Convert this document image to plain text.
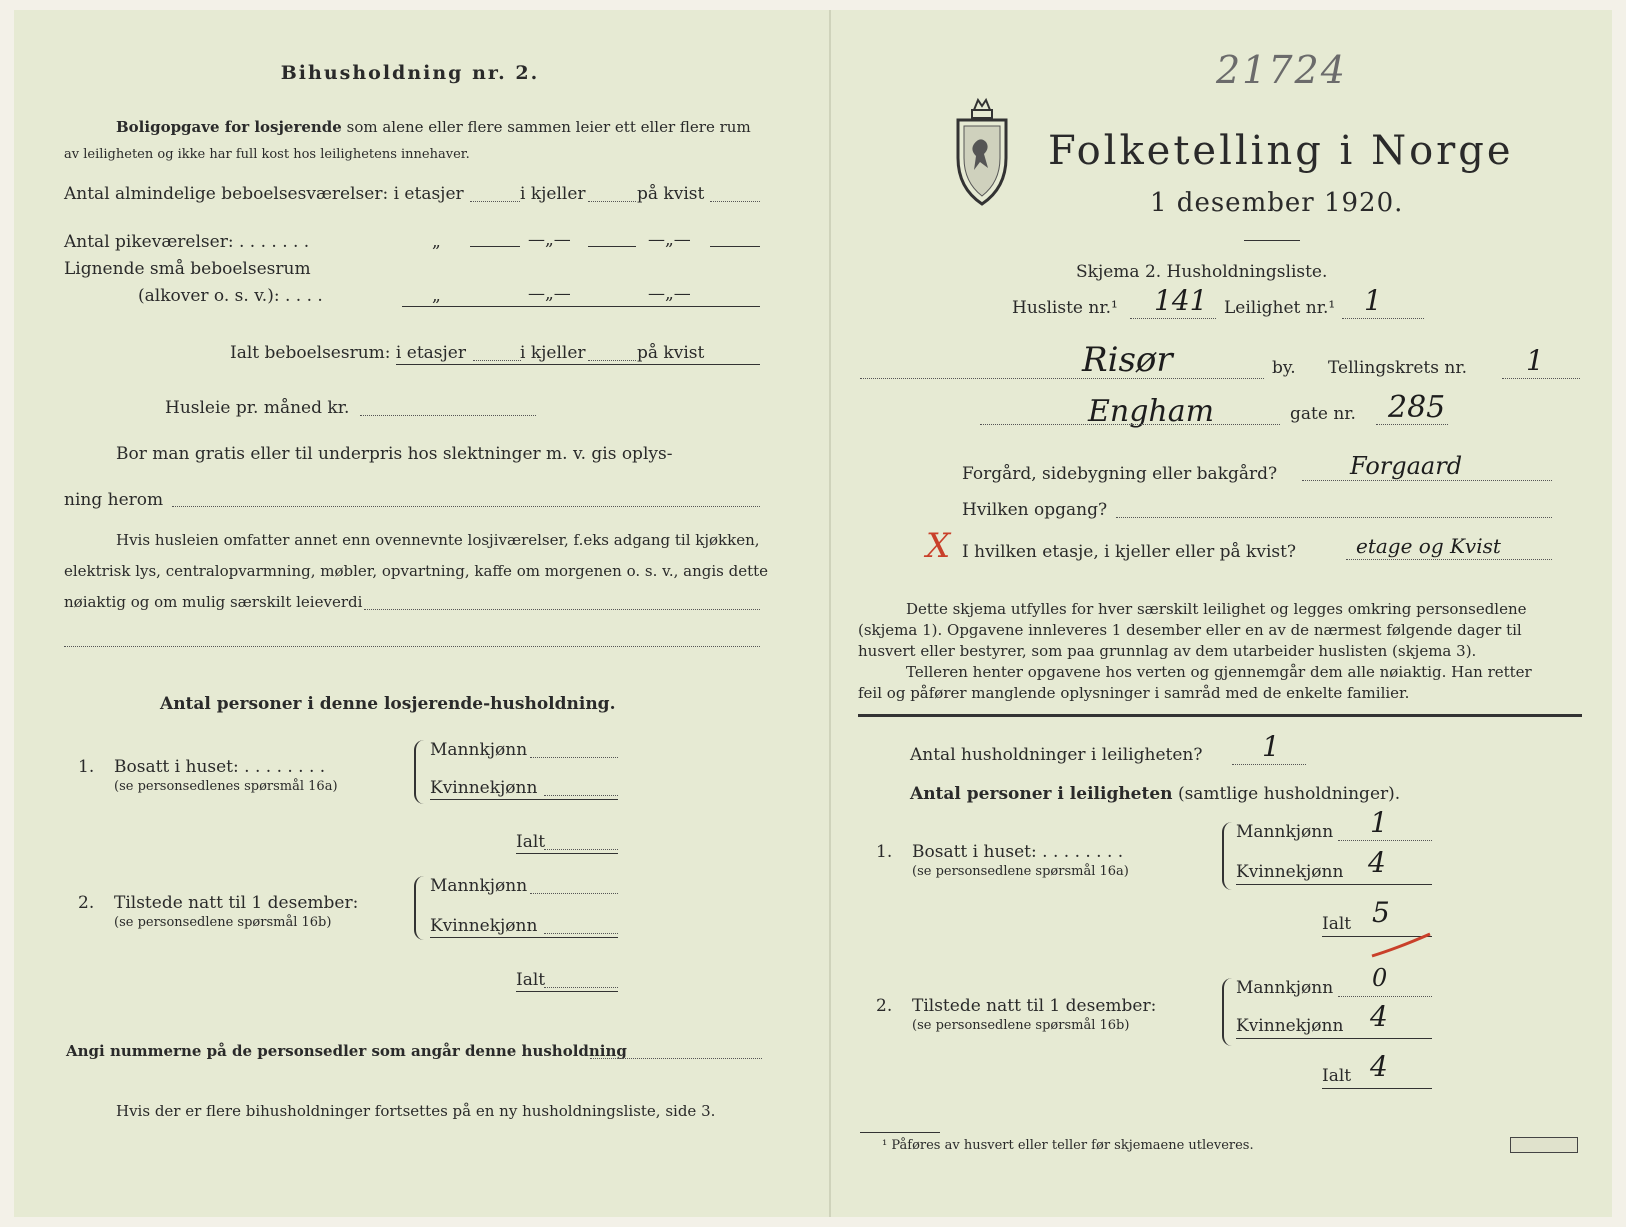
Bihusholdning nr. 2.
Boligopgave for losjerende som alene eller flere sammen leier ett eller flere rum
av leiligheten og ikke har full kost hos leilighetens innehaver.
Antal almindelige beboelsesværelser: i etasjer	i kjeller	på kvist
Antal pikeværelser: . . . . . . .	„	—„—	—„—
Lignende små beboelsesrum
(alkover o. s. v.): . . . .	„	—„—	—„—
Ialt beboelsesrum: i etasjer	i kjeller	på kvist
Husleie pr. måned kr.
Bor man gratis eller til underpris hos slektninger m. v. gis oplys-
ning herom
Hvis husleien omfatter annet enn ovennevnte losjiværelser, f.eks adgang til kjøkken,
elektrisk lys, centralopvarmning, møbler, opvartning, kaffe om morgenen o. s. v., angis dette
nøiaktig og om mulig særskilt leieverdi
Antal personer i denne losjerende-husholdning.
1. Bosatt i huset: . . . . . . . .
(se personsedlenes spørsmål 16a)
Mannkjønn
Kvinnekjønn
Ialt
2. Tilstede natt til 1 desember:
(se personsedlene spørsmål 16b)
Mannkjønn
Kvinnekjønn
Ialt
Angi nummerne på de personsedler som angår denne husholdning
Hvis der er flere bihusholdninger fortsettes på en ny husholdningsliste, side 3.
21724
Folketelling i Norge
1 desember 1920.
Skjema 2. Husholdningsliste.
Husliste nr.¹ 141 Leilighet nr.¹ 1
Risør	by. Tellingskrets nr. 1
Engham	gate nr. 285
Forgård, sidebygning eller bakgård?	Forgaard
Hvilken opgang?
X I hvilken etasje, i kjeller eller på kvist?	etage og Kvist
Dette skjema utfylles for hver særskilt leilighet og legges omkring personsedlene
(skjema 1). Opgavene innleveres 1 desember eller en av de nærmest følgende dager til
husvert eller bestyrer, som paa grunnlag av dem utarbeider huslisten (skjema 3).
Telleren henter opgavene hos verten og gjennemgår dem alle nøiaktig. Han retter
feil og påfører manglende oplysninger i samråd med de enkelte familier.
Antal husholdninger i leiligheten? 1
Antal personer i leiligheten (samtlige husholdninger).
1. Bosatt i huset: . . . . . . . .
(se personsedlene spørsmål 16a)
Mannkjønn 1
Kvinnekjønn 4
Ialt 5
2. Tilstede natt til 1 desember:
(se personsedlene spørsmål 16b)
Mannkjønn 0
Kvinnekjønn 4
Ialt 4
¹ Påføres av husvert eller teller før skjemaene utleveres.
